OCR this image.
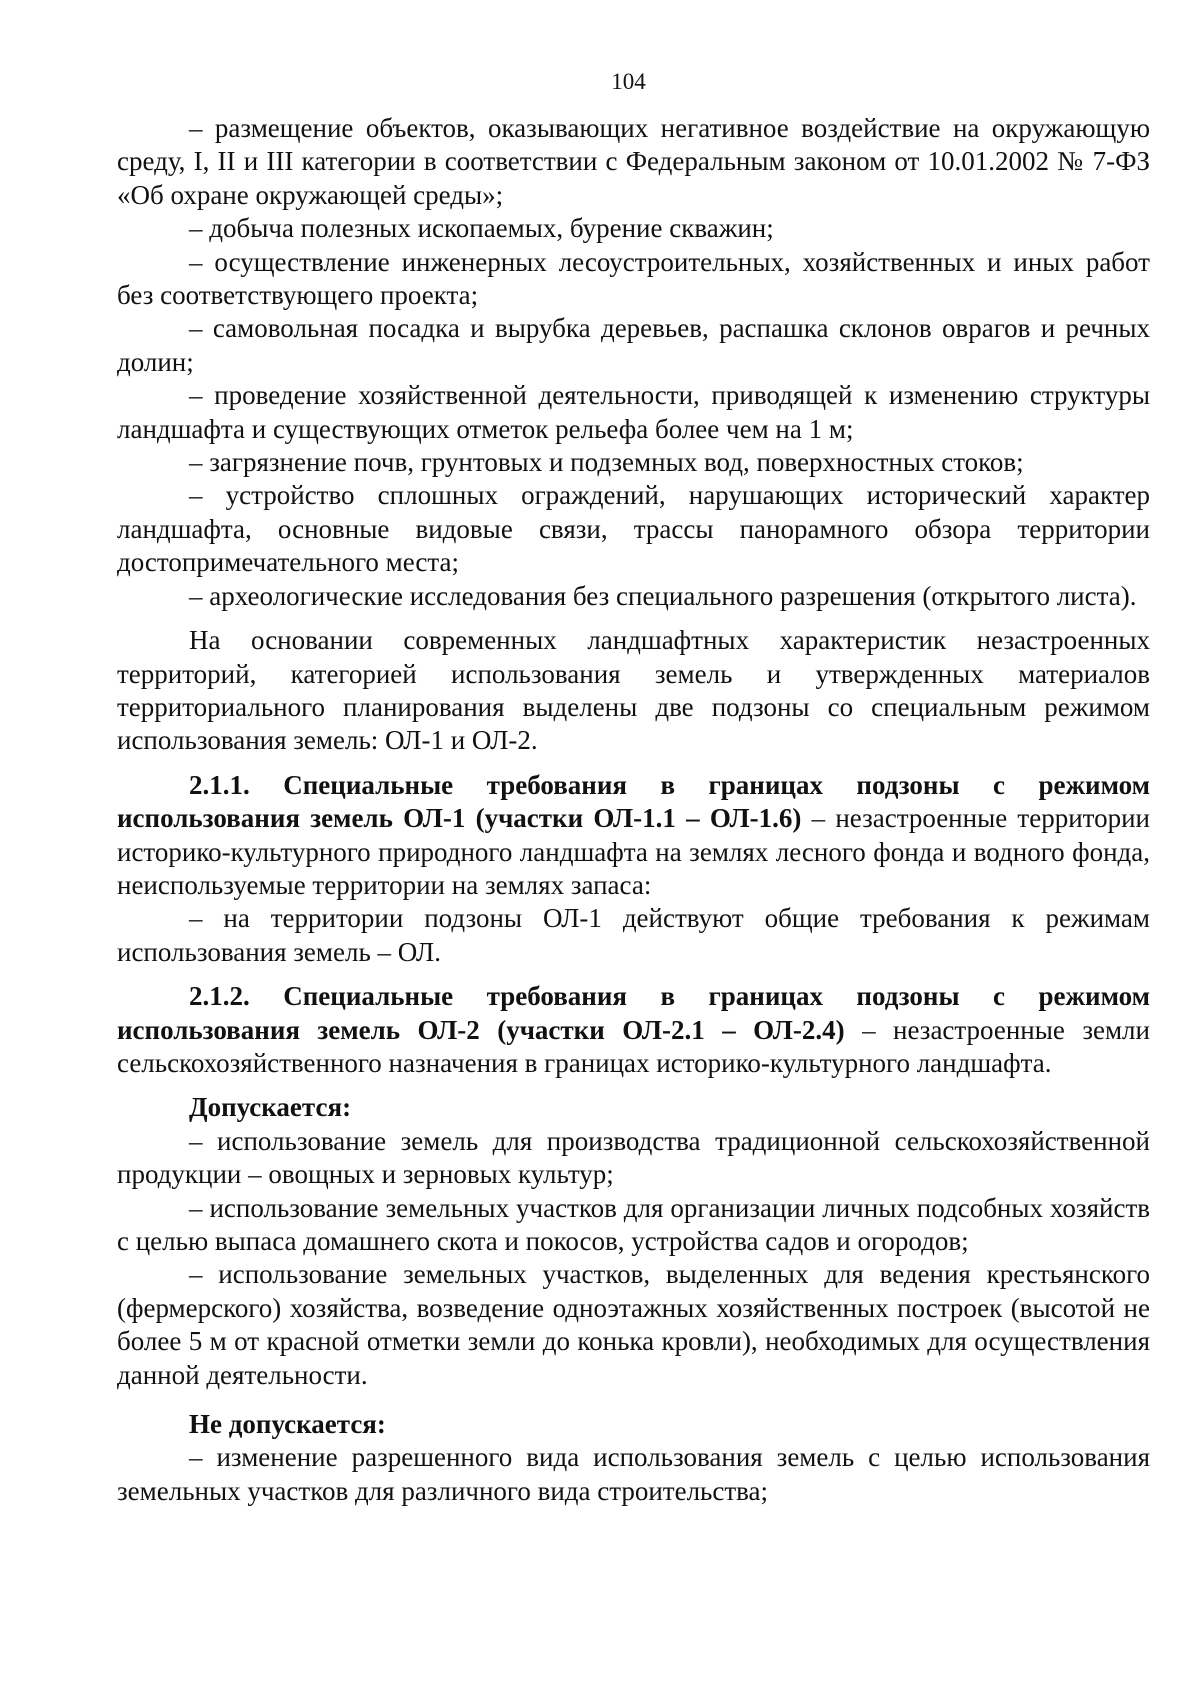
104

– размещение объектов, оказывающих негативное воздействие на окружающую среду, I, II и III категории в соответствии с Федеральным законом от 10.01.2002 № 7-ФЗ «Об охране окружающей среды»;

– добыча полезных ископаемых, бурение скважин;

– осуществление инженерных лесоустроительных, хозяйственных и иных работ без соответствующего проекта;

– самовольная посадка и вырубка деревьев, распашка склонов оврагов и речных долин;

– проведение хозяйственной деятельности, приводящей к изменению структуры ландшафта и существующих отметок рельефа более чем на 1 м;

– загрязнение почв, грунтовых и подземных вод, поверхностных стоков;

– устройство сплошных ограждений, нарушающих исторический характер ландшафта, основные видовые связи, трассы панорамного обзора территории достопримечательного места;

– археологические исследования без специального разрешения (открытого листа).

На основании современных ландшафтных характеристик незастроенных территорий, категорией использования земель и утвержденных материалов территориального планирования выделены две подзоны со специальным режимом использования земель: ОЛ-1 и ОЛ-2.

2.1.1. Специальные требования в границах подзоны с режимом использования земель ОЛ-1 (участки ОЛ-1.1 – ОЛ-1.6) – незастроенные территории историко-культурного природного ландшафта на землях лесного фонда и водного фонда, неиспользуемые территории на землях запаса:

– на территории подзоны ОЛ-1 действуют общие требования к режимам использования земель – ОЛ.

2.1.2. Специальные требования в границах подзоны с режимом использования земель ОЛ-2 (участки ОЛ-2.1 – ОЛ-2.4) – незастроенные земли сельскохозяйственного назначения в границах историко-культурного ландшафта.

Допускается:

– использование земель для производства традиционной сельскохозяйственной продукции – овощных и зерновых культур;

– использование земельных участков для организации личных подсобных хозяйств с целью выпаса домашнего скота и покосов, устройства садов и огородов;

– использование земельных участков, выделенных для ведения крестьянского (фермерского) хозяйства, возведение одноэтажных хозяйственных построек (высотой не более 5 м от красной отметки земли до конька кровли), необходимых для осуществления данной деятельности.

Не допускается:

– изменение разрешенного вида использования земель с целью использования земельных участков для различного вида строительства;
